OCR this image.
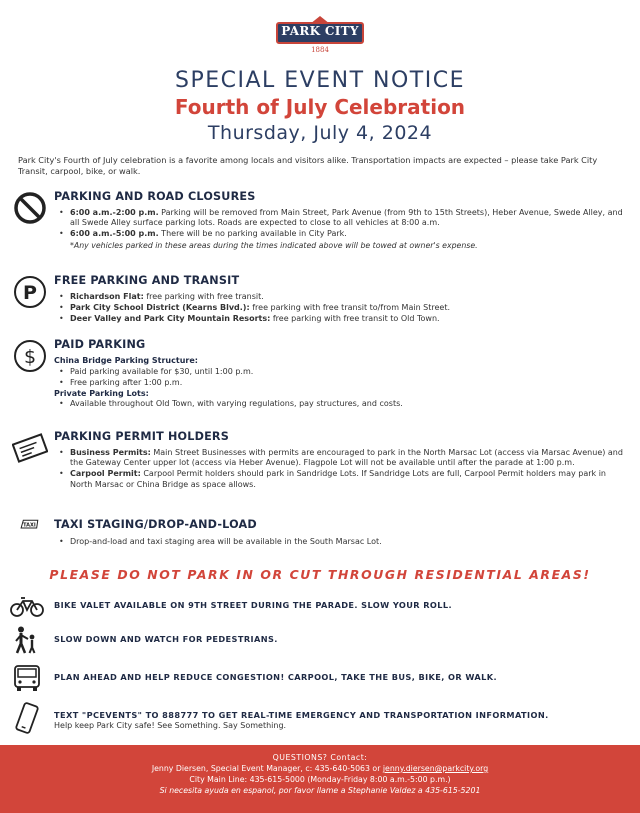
PARK CITY
1884
SPECIAL EVENT NOTICE
Fourth of July Celebration
Thursday, July 4, 2024

Park City's Fourth of July celebration is a favorite among locals and visitors alike. Transportation impacts are expected – please take Park City Transit, carpool, bike, or walk.

PARKING AND ROAD CLOSURES
• 6:00 a.m.-2:00 p.m. Parking will be removed from Main Street, Park Avenue (from 9th to 15th Streets), Heber Avenue, Swede Alley, and all Swede Alley surface parking lots. Roads are expected to close to all vehicles at 8:00 a.m.
• 6:00 a.m.-5:00 p.m. There will be no parking available in City Park.
*Any vehicles parked in these areas during the times indicated above will be towed at owner's expense.
P
FREE PARKING AND TRANSIT
• Richardson Flat: free parking with free transit.
• Park City School District (Kearns Blvd.): free parking with free transit to/from Main Street.
• Deer Valley and Park City Mountain Resorts: free parking with free transit to Old Town.
$
PAID PARKING
China Bridge Parking Structure:
• Paid parking available for $30, until 1:00 p.m.
• Free parking after 1:00 p.m.
Private Parking Lots:
• Available throughout Old Town, with varying regulations, pay structures, and costs.
PARKING PERMIT HOLDERS
• Business Permits: Main Street Businesses with permits are encouraged to park in the North Marsac Lot (access via Marsac Avenue) and the Gateway Center upper lot (access via Heber Avenue). Flagpole Lot will not be available until after the parade at 1:00 p.m.
• Carpool Permit: Carpool Permit holders should park in Sandridge Lots. If Sandridge Lots are full, Carpool Permit holders may park in North Marsac or China Bridge as space allows.
TAXI TAXI STAGING/DROP-AND-LOAD
• Drop-and-load and taxi staging area will be available in the South Marsac Lot.
PLEASE DO NOT PARK IN OR CUT THROUGH RESIDENTIAL AREAS!
BIKE VALET AVAILABLE ON 9TH STREET DURING THE PARADE. SLOW YOUR ROLL.
SLOW DOWN AND WATCH FOR PEDESTRIANS.
PLAN AHEAD AND HELP REDUCE CONGESTION! CARPOOL, TAKE THE BUS, BIKE, OR WALK.
TEXT "PCEVENTS" TO 888777 TO GET REAL-TIME EMERGENCY AND TRANSPORTATION INFORMATION.
Help keep Park City safe! See Something. Say Something.
QUESTIONS? Contact:
Jenny Diersen, Special Event Manager, c: 435-640-5063 or jenny.diersen@parkcity.org
City Main Line: 435-615-5000 (Monday-Friday 8:00 a.m.-5:00 p.m.)
Si necesita ayuda en espanol, por favor llame a Stephanie Valdez a 435-615-5201
